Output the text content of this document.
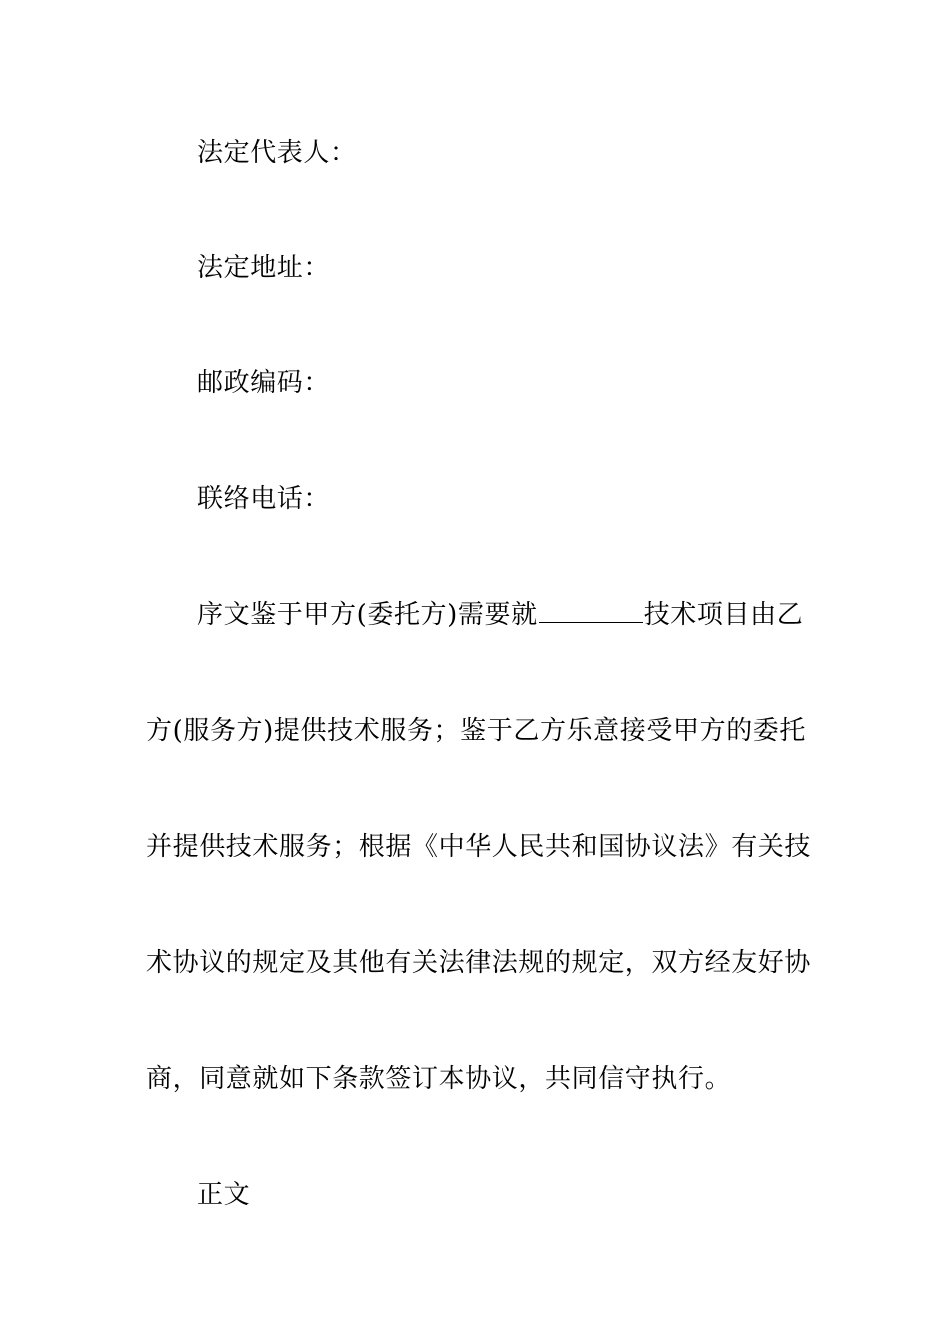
法定代表人：
法定地址：
邮政编码：
联络电话：
序文鉴于甲方(委托方)需要就	技术项目由乙
方(服务方)提供技术服务；鉴于乙方乐意接受甲方的委托
并提供技术服务；根据《中华人民共和国协议法》有关技
术协议的规定及其他有关法律法规的规定，双方经友好协
商，同意就如下条款签订本协议，共同信守执行。
正文
